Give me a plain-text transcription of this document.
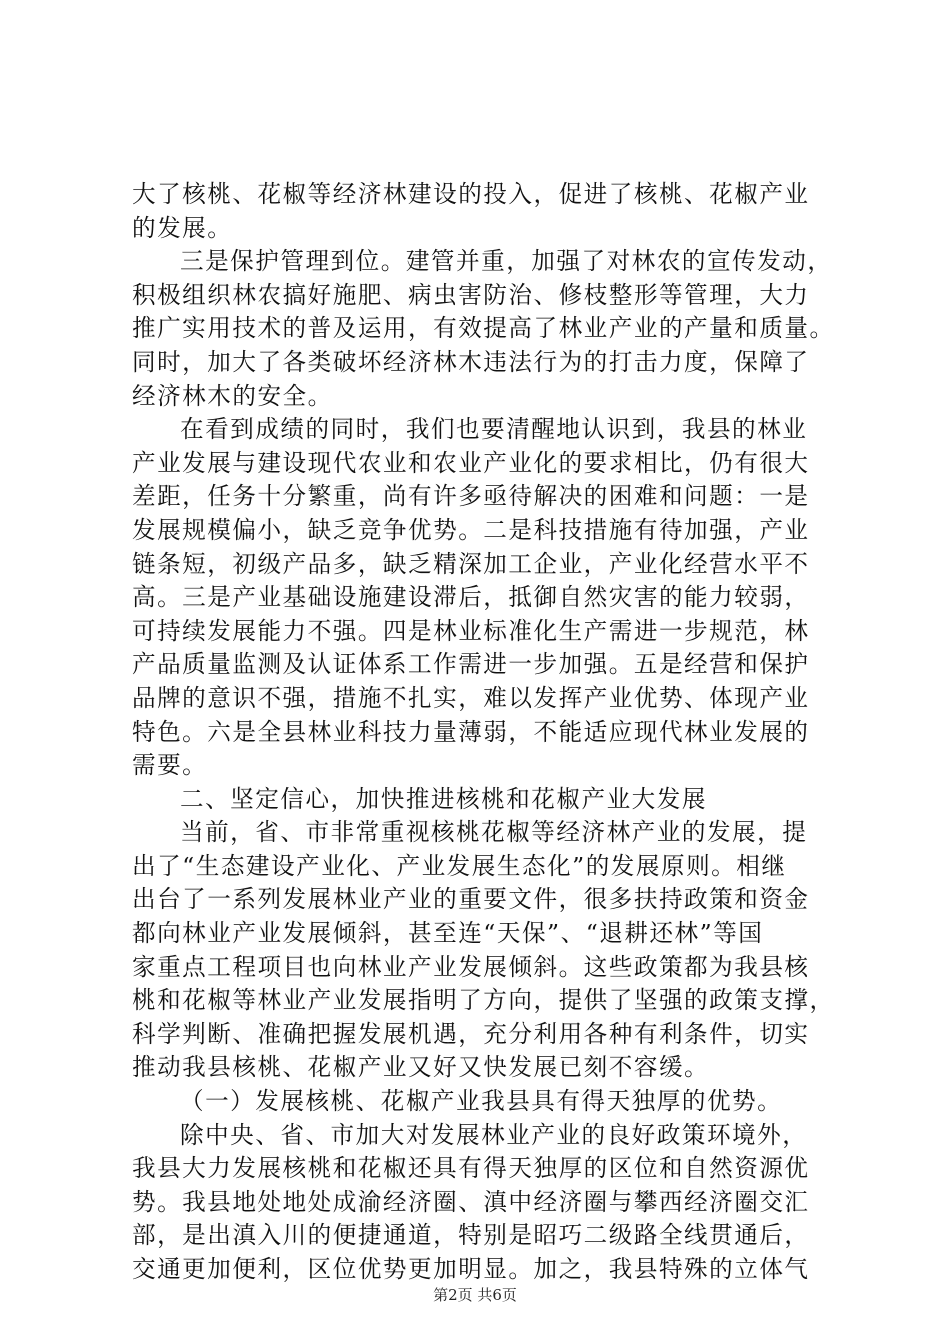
大了核桃、花椒等经济林建设的投入，促进了核桃、花椒产业
的发展。
三是保护管理到位。建管并重，加强了对林农的宣传发动，
积极组织林农搞好施肥、病虫害防治、修枝整形等管理，大力
推广实用技术的普及运用，有效提高了林业产业的产量和质量。
同时，加大了各类破坏经济林木违法行为的打击力度，保障了
经济林木的安全。
在看到成绩的同时，我们也要清醒地认识到，我县的林业
产业发展与建设现代农业和农业产业化的要求相比，仍有很大
差距，任务十分繁重，尚有许多亟待解决的困难和问题：一是
发展规模偏小，缺乏竞争优势。二是科技措施有待加强，产业
链条短，初级产品多，缺乏精深加工企业，产业化经营水平不
高。三是产业基础设施建设滞后，抵御自然灾害的能力较弱，
可持续发展能力不强。四是林业标准化生产需进一步规范，林
产品质量监测及认证体系工作需进一步加强。五是经营和保护
品牌的意识不强，措施不扎实，难以发挥产业优势、体现产业
特色。六是全县林业科技力量薄弱，不能适应现代林业发展的
需要。
二、坚定信心，加快推进核桃和花椒产业大发展
当前，省、市非常重视核桃花椒等经济林产业的发展，提
出了“生态建设产业化、产业发展生态化”的发展原则。相继
出台了一系列发展林业产业的重要文件，很多扶持政策和资金
都向林业产业发展倾斜，甚至连“天保”、“退耕还林”等国
家重点工程项目也向林业产业发展倾斜。这些政策都为我县核
桃和花椒等林业产业发展指明了方向，提供了坚强的政策支撑，
科学判断、准确把握发展机遇，充分利用各种有利条件，切实
推动我县核桃、花椒产业又好又快发展已刻不容缓。
（一）发展核桃、花椒产业我县具有得天独厚的优势。
除中央、省、市加大对发展林业产业的良好政策环境外，
我县大力发展核桃和花椒还具有得天独厚的区位和自然资源优
势。我县地处地处成渝经济圈、滇中经济圈与攀西经济圈交汇
部，是出滇入川的便捷通道，特别是昭巧二级路全线贯通后，
交通更加便利，区位优势更加明显。加之，我县特殊的立体气
第2页 共6页
